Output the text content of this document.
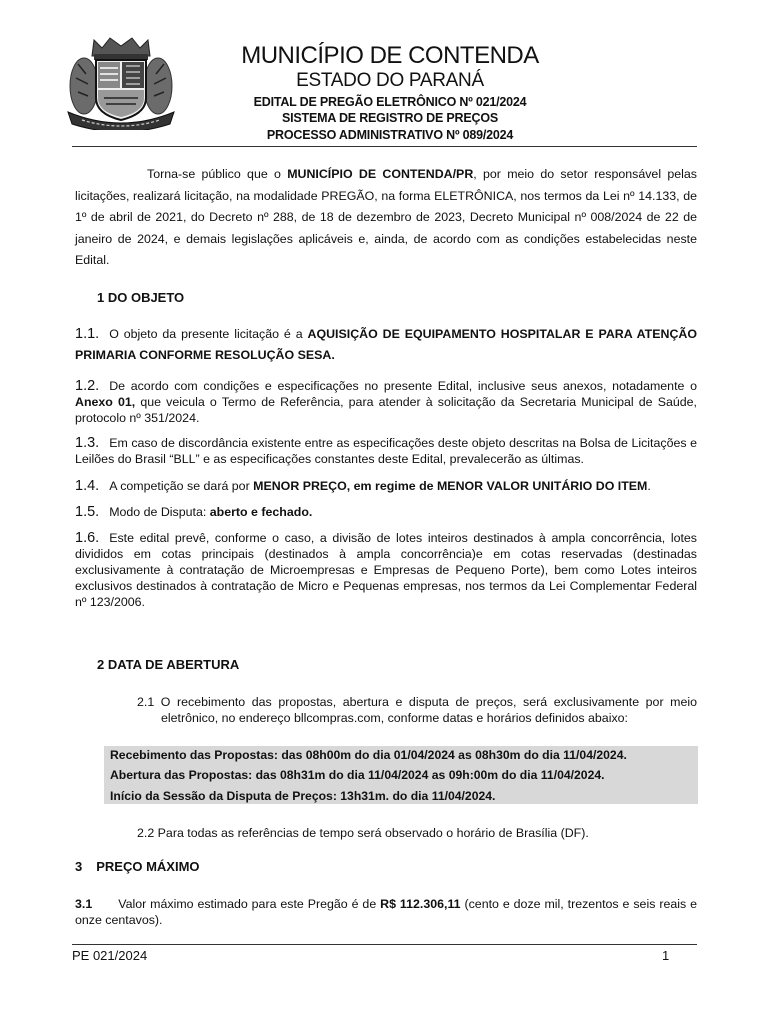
MUNICÍPIO DE CONTENDA
ESTADO DO PARANÁ
EDITAL DE PREGÃO ELETRÔNICO Nº 021/2024
SISTEMA DE REGISTRO DE PREÇOS
PROCESSO ADMINISTRATIVO Nº 089/2024
Torna-se público que o MUNICÍPIO DE CONTENDA/PR, por meio do setor responsável pelas licitações, realizará licitação, na modalidade PREGÃO, na forma ELETRÔNICA, nos termos da Lei nº 14.133, de 1º de abril de 2021, do Decreto nº 288, de 18 de dezembro de 2023, Decreto Municipal nº 008/2024 de 22 de janeiro de 2024, e demais legislações aplicáveis e, ainda, de acordo com as condições estabelecidas neste Edital.
1 DO OBJETO
1.1. O objeto da presente licitação é a AQUISIÇÃO DE EQUIPAMENTO HOSPITALAR E PARA ATENÇÃO PRIMARIA CONFORME RESOLUÇÃO SESA.
1.2. De acordo com condições e especificações no presente Edital, inclusive seus anexos, notadamente o Anexo 01, que veicula o Termo de Referência, para atender à solicitação da Secretaria Municipal de Saúde, protocolo nº 351/2024.
1.3. Em caso de discordância existente entre as especificações deste objeto descritas na Bolsa de Licitações e Leilões do Brasil “BLL” e as especificações constantes deste Edital, prevalecerão as últimas.
1.4. A competição se dará por MENOR PREÇO, em regime de MENOR VALOR UNITÁRIO DO ITEM.
1.5. Modo de Disputa: aberto e fechado.
1.6. Este edital prevê, conforme o caso, a divisão de lotes inteiros destinados à ampla concorrência, lotes divididos em cotas principais (destinados à ampla concorrência)e em cotas reservadas (destinadas exclusivamente à contratação de Microempresas e Empresas de Pequeno Porte), bem como Lotes inteiros exclusivos destinados à contratação de Micro e Pequenas empresas, nos termos da Lei Complementar Federal nº 123/2006.
2 DATA DE ABERTURA
2.1 O recebimento das propostas, abertura e disputa de preços, será exclusivamente por meio eletrônico, no endereço bllcompras.com, conforme datas e horários definidos abaixo:
Recebimento das Propostas: das 08h00m do dia 01/04/2024 as 08h30m do dia 11/04/2024.
Abertura das Propostas: das 08h31m do dia 11/04/2024 as 09h:00m do dia 11/04/2024.
Início da Sessão da Disputa de Preços: 13h31m. do dia 11/04/2024.
2.2 Para todas as referências de tempo será observado o horário de Brasília (DF).
3 PREÇO MÁXIMO
3.1 Valor máximo estimado para este Pregão é de R$ 112.306,11 (cento e doze mil, trezentos e seis reais e onze centavos).
PE 021/2024	1
